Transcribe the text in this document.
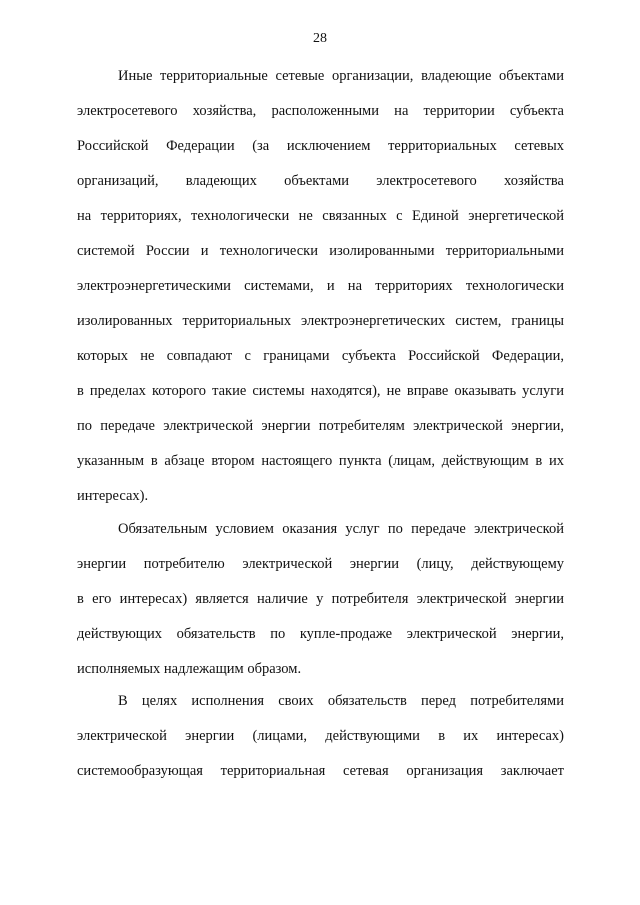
28
Иные территориальные сетевые организации, владеющие объектами
электросетевого хозяйства, расположенными на территории субъекта
Российской Федерации (за исключением территориальных сетевых
организаций, владеющих объектами электросетевого хозяйства
на территориях, технологически не связанных с Единой энергетической
системой России и технологически изолированными территориальными
электроэнергетическими системами, и на территориях технологически
изолированных территориальных электроэнергетических систем, границы
которых не совпадают с границами субъекта Российской Федерации,
в пределах которого такие системы находятся), не вправе оказывать услуги
по передаче электрической энергии потребителям электрической энергии,
указанным в абзаце втором настоящего пункта (лицам, действующим в их
интересах).
Обязательным условием оказания услуг по передаче электрической
энергии потребителю электрической энергии (лицу, действующему
в его интересах) является наличие у потребителя электрической энергии
действующих обязательств по купле-продаже электрической энергии,
исполняемых надлежащим образом.
В целях исполнения своих обязательств перед потребителями
электрической энергии (лицами, действующими в их интересах)
системообразующая территориальная сетевая организация заключает
